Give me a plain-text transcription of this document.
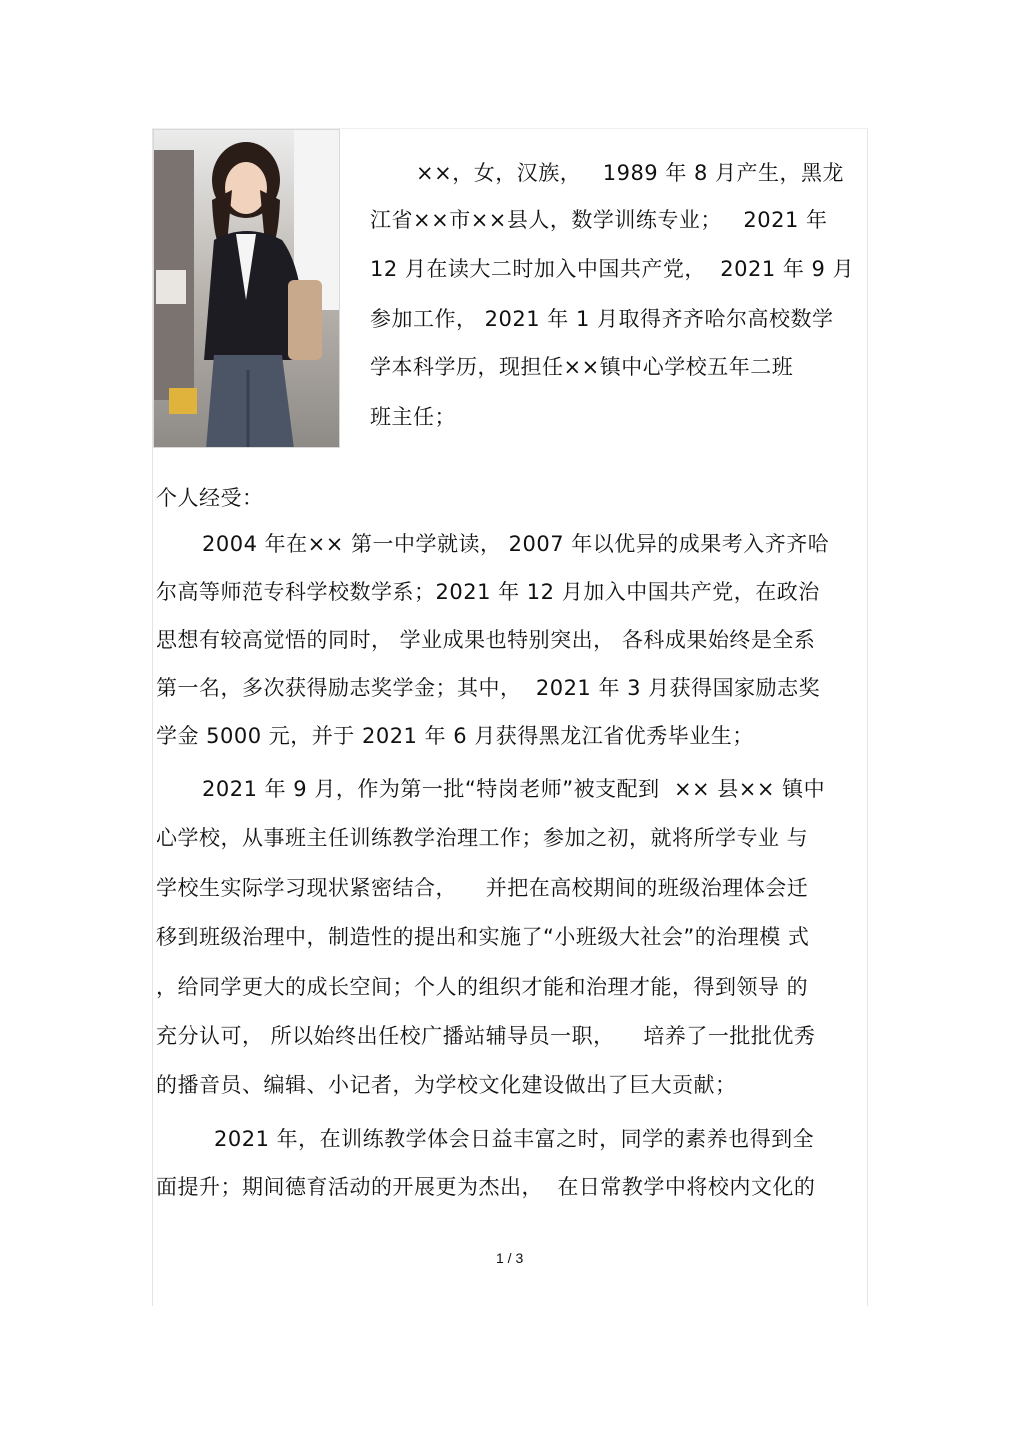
××，女，汉族，   1989 年 8 月产生，黑龙
江省××市××县人，数学训练专业；   2021 年
12 月在读大二时加入中国共产党，  2021 年 9 月
参加工作， 2021 年 1 月取得齐齐哈尔高校数学
学本科学历，现担任××镇中心学校五年二班
班主任；
个人经受：
2004 年在×× 第一中学就读， 2007 年以优异的成果考入齐齐哈
尔高等师范专科学校数学系；2021 年 12 月加入中国共产党，在政治
思想有较高觉悟的同时， 学业成果也特别突出， 各科成果始终是全系
第一名，多次获得励志奖学金；其中，  2021 年 3 月获得国家励志奖
学金 5000 元，并于 2021 年 6 月获得黑龙江省优秀毕业生；
2021 年 9 月，作为第一批“特岗老师”被支配到  ×× 县×× 镇中
心学校，从事班主任训练教学治理工作；参加之初，就将所学专业 与
学校生实际学习现状紧密结合，    并把在高校期间的班级治理体会迁
移到班级治理中，制造性的提出和实施了“小班级大社会”的治理模 式
，给同学更大的成长空间；个人的组织才能和治理才能，得到领导 的
充分认可， 所以始终出任校广播站辅导员一职，    培养了一批批优秀
的播音员、编辑、小记者，为学校文化建设做出了巨大贡献；
2021 年，在训练教学体会日益丰富之时，同学的素养也得到全
面提升；期间德育活动的开展更为杰出，  在日常教学中将校内文化的
1 / 3
